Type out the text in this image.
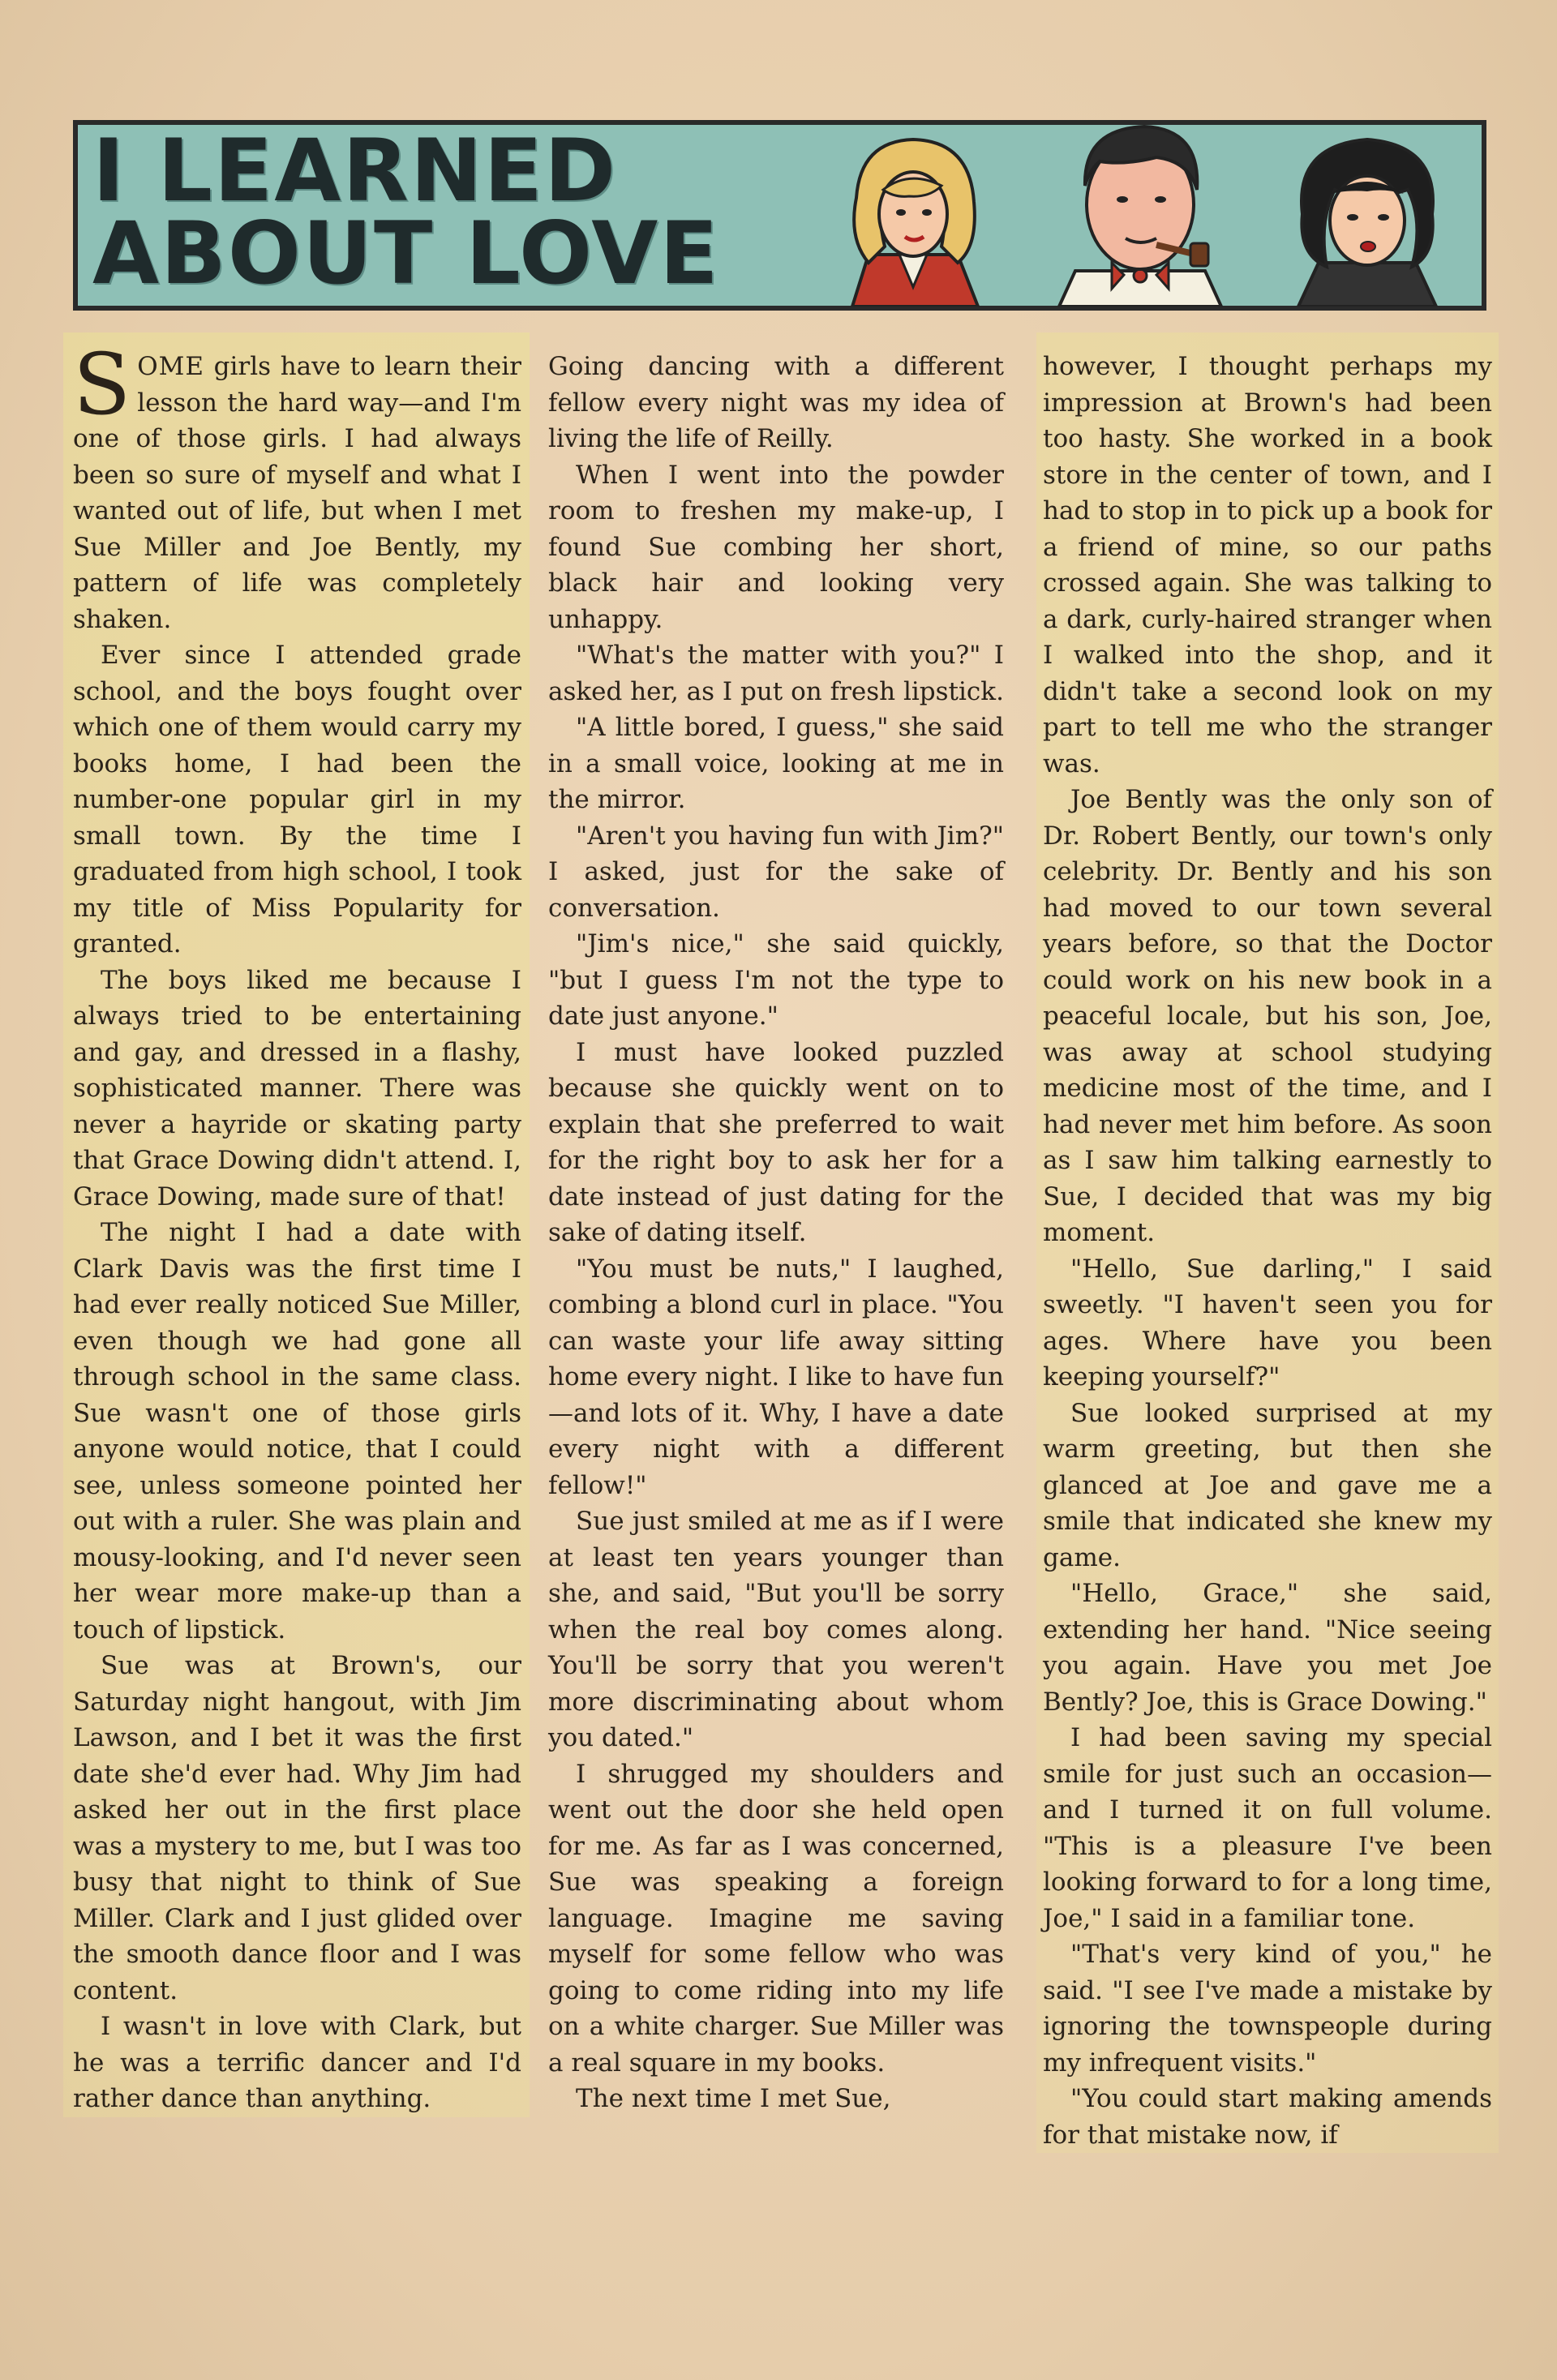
I LEARNED
ABOUT LOVE

SOME girls have to learn their lesson the hard way—and I'm one of those girls. I had always been so sure of myself and what I wanted out of life, but when I met Sue Miller and Joe Bently, my pattern of life was completely shaken.

Ever since I attended grade school, and the boys fought over which one of them would carry my books home, I had been the number-one popular girl in my small town. By the time I graduated from high school, I took my title of Miss Popularity for granted.

The boys liked me because I always tried to be entertaining and gay, and dressed in a flashy, sophisticated manner. There was never a hayride or skating party that Grace Dowing didn't attend. I, Grace Dowing, made sure of that!

The night I had a date with Clark Davis was the first time I had ever really noticed Sue Miller, even though we had gone all through school in the same class. Sue wasn't one of those girls anyone would notice, that I could see, unless someone pointed her out with a ruler. She was plain and mousy-looking, and I'd never seen her wear more make-up than a touch of lipstick.

Sue was at Brown's, our Saturday night hangout, with Jim Lawson, and I bet it was the first date she'd ever had. Why Jim had asked her out in the first place was a mystery to me, but I was too busy that night to think of Sue Miller. Clark and I just glided over the smooth dance floor and I was content.

I wasn't in love with Clark, but he was a terrific dancer and I'd rather dance than anything.

Going dancing with a different fellow every night was my idea of living the life of Reilly.

When I went into the powder room to freshen my make-up, I found Sue combing her short, black hair and looking very unhappy.

"What's the matter with you?" I asked her, as I put on fresh lipstick.

"A little bored, I guess," she said in a small voice, looking at me in the mirror.

"Aren't you having fun with Jim?" I asked, just for the sake of conversation.

"Jim's nice," she said quickly, "but I guess I'm not the type to date just anyone."

I must have looked puzzled because she quickly went on to explain that she preferred to wait for the right boy to ask her for a date instead of just dating for the sake of dating itself.

"You must be nuts," I laughed, combing a blond curl in place. "You can waste your life away sitting home every night. I like to have fun—and lots of it. Why, I have a date every night with a different fellow!"

Sue just smiled at me as if I were at least ten years younger than she, and said, "But you'll be sorry when the real boy comes along. You'll be sorry that you weren't more discriminating about whom you dated."

I shrugged my shoulders and went out the door she held open for me. As far as I was concerned, Sue was speaking a foreign language. Imagine me saving myself for some fellow who was going to come riding into my life on a white charger. Sue Miller was a real square in my books.

The next time I met Sue,

however, I thought perhaps my impression at Brown's had been too hasty. She worked in a book store in the center of town, and I had to stop in to pick up a book for a friend of mine, so our paths crossed again. She was talking to a dark, curly-haired stranger when I walked into the shop, and it didn't take a second look on my part to tell me who the stranger was.

Joe Bently was the only son of Dr. Robert Bently, our town's only celebrity. Dr. Bently and his son had moved to our town several years before, so that the Doctor could work on his new book in a peaceful locale, but his son, Joe, was away at school studying medicine most of the time, and I had never met him before. As soon as I saw him talking earnestly to Sue, I decided that was my big moment.

"Hello, Sue darling," I said sweetly. "I haven't seen you for ages. Where have you been keeping yourself?"

Sue looked surprised at my warm greeting, but then she glanced at Joe and gave me a smile that indicated she knew my game.

"Hello, Grace," she said, extending her hand. "Nice seeing you again. Have you met Joe Bently? Joe, this is Grace Dowing."

I had been saving my special smile for just such an occasion—and I turned it on full volume. "This is a pleasure I've been looking forward to for a long time, Joe," I said in a familiar tone.

"That's very kind of you," he said. "I see I've made a mistake by ignoring the townspeople during my infrequent visits."

"You could start making amends for that mistake now, if
